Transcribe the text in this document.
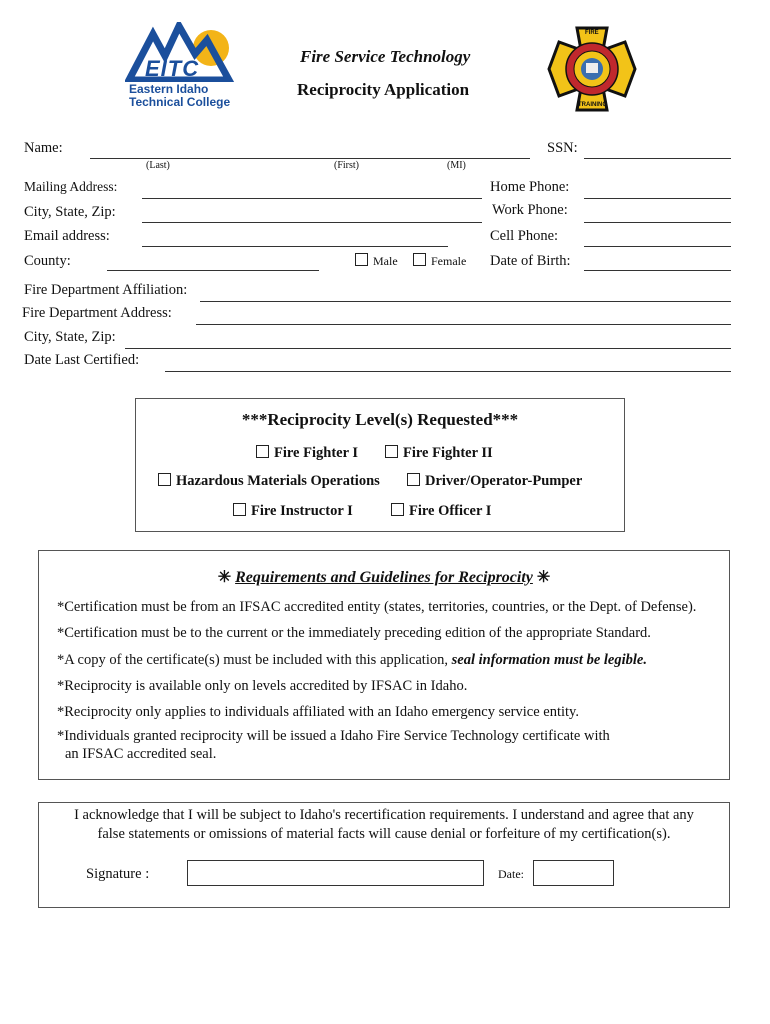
EITC
Eastern Idaho
Technical College
Fire Service Technology
Reciprocity Application
FIRE
TRAINING
Name:
(Last)	(First)	(MI)
SSN:
Mailing Address:	Home Phone:
City, State, Zip:	Work Phone:
Email address:	Cell Phone:
County:	Male	Female Date of Birth:
Fire Department Affiliation:
Fire Department Address:
City, State, Zip:
Date Last Certified:
***Reciprocity Level(s) Requested***
Fire Fighter I	Fire Fighter II
Hazardous Materials Operations	Driver/Operator-Pumper
Fire Instructor I	Fire Officer I
✳ Requirements and Guidelines for Reciprocity ✳
*Certification must be from an IFSAC accredited entity (states, territories, countries, or the Dept. of Defense).
*Certification must be to the current or the immediately preceding edition of the appropriate Standard.
*A copy of the certificate(s) must be included with this application, seal information must be legible.
*Reciprocity is available only on levels accredited by IFSAC in Idaho.
*Reciprocity only applies to individuals affiliated with an Idaho emergency service entity.
*Individuals granted reciprocity will be issued a Idaho Fire Service Technology certificate with
an IFSAC accredited seal.
I acknowledge that I will be subject to Idaho's recertification requirements. I understand and agree that any
false statements or omissions of material facts will cause denial or forfeiture of my certification(s).
Signature :	Date:
